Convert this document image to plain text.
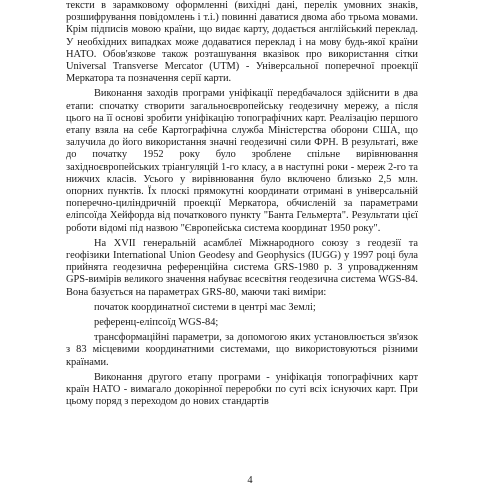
тексти в зарамковому оформленні (вихідні дані, перелік умовних знаків, розшифрування повідомлень і т.і.) повинні даватися двома або трьома мовами. Крім підписів мовою країни, що видає карту, додається англійський переклад. У необхідних випадках може додаватися переклад і на мову будь-якої країни НАТО. Обов'язкове також розташування вказівок про використання сітки Universal Transverse Mercator (UTM) - Універсальної поперечної проекції Меркатора та позначення серії карти.

Виконання заходів програми уніфікації передбачалося здійснити в два етапи: спочатку створити загальноєвропейську геодезичну мережу, а після цього на її основі зробити уніфікацію топографічних карт. Реалізацію першого етапу взяла на себе Картографічна служба Міністерства оборони США, що залучила до його використання значні геодезичні сили ФРН. В результаті, вже до початку 1952 року було зроблене спільне вирівнювання західноєвропейських тріангуляцій 1-го класу, а в наступні роки - мереж 2-го та нижчих класів. Усього у вирівнювання було включено близько 2,5 млн. опорних пунктів. Їх плоскі прямокутні координати отримані в універсальній поперечно-циліндричній проекції Меркатора, обчисленій за параметрами еліпсоїда Хейфорда від початкового пункту "Банта Гельмерта". Результати цієї роботи відомі під назвою "Європейська система координат 1950 року".

На XVII генеральній асамблеї Міжнародного союзу з геодезії та геофізики International Union Geodesy and Geophysics (IUGG) у 1997 році була прийнята геодезична референційна система GRS-1980 р. З упровадженням GPS-вимірів великого значення набуває всесвітня геодезична система WGS-84. Вона базується на параметрах GRS-80, маючи такі виміри:

початок координатної системи в центрі мас Землі;

референц-еліпсоїд WGS-84;

трансформаційні параметри, за допомогою яких установлюється зв'язок з 83 місцевими координатними системами, що використовуються різними країнами.

Виконання другого етапу програми - уніфікація топографічних карт країн НАТО - вимагало докорінної переробки по суті всіх існуючих карт. При цьому поряд з переходом до нових стандартів

4
